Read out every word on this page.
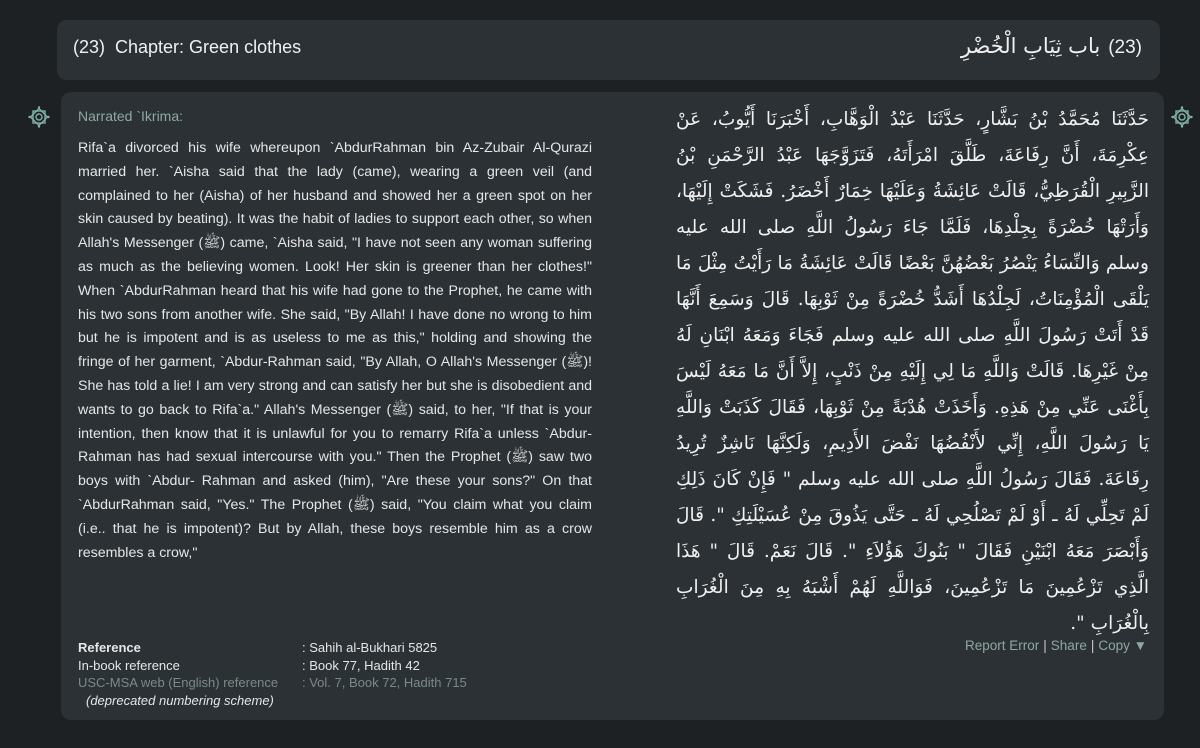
(23) Chapter: Green clothes	(23)باب ثِيَابِ الْخُضْرِ
Narrated `Ikrima:
Rifa`a divorced his wife whereupon `AbdurRahman bin Az-Zubair Al-Qurazi married her. `Aisha said that the lady (came), wearing a green veil (and complained to her (Aisha) of her husband and showed her a green spot on her skin caused by beating). It was the habit of ladies to support each other, so when Allah's Messenger (ﷺ) came, `Aisha said, "I have not seen any woman suffering as much as the believing women. Look! Her skin is greener than her clothes!" When `AbdurRahman heard that his wife had gone to the Prophet, he came with his two sons from another wife. She said, "By Allah! I have done no wrong to him but he is impotent and is as useless to me as this," holding and showing the fringe of her garment, `Abdur-Rahman said, "By Allah, O Allah's Messenger (ﷺ)! She has told a lie! I am very strong and can satisfy her but she is disobedient and wants to go back to Rifa`a." Allah's Messenger (ﷺ) said, to her, "If that is your intention, then know that it is unlawful for you to remarry Rifa`a unless `Abdur-Rahman has had sexual intercourse with you." Then the Prophet (ﷺ) saw two boys with `Abdur- Rahman and asked (him), "Are these your sons?" On that `AbdurRahman said, "Yes." The Prophet (ﷺ) said, "You claim what you claim (i.e.. that he is impotent)? But by Allah, these boys resemble him as a crow resembles a crow,"
حَدَّثَنَا مُحَمَّدُ بْنُ بَشَّارٍ، حَدَّثَنَا عَبْدُ الْوَهَّابِ، أَخْبَرَنَا أَيُّوبُ، عَنْ عِكْرِمَةَ، أَنَّ رِفَاعَةَ، طَلَّقَ امْرَأَتَهُ، فَتَزَوَّجَهَا عَبْدُ الرَّحْمَنِ بْنُ الزَّبِيرِ الْقُرَظِيُّ، قَالَتْ عَائِشَةُ وَعَلَيْهَا خِمَارٌ أَخْضَرُ. فَشَكَتْ إِلَيْهَا، وَأَرَتْهَا خُضْرَةً بِجِلْدِهَا، فَلَمَّا جَاءَ رَسُولُ اللَّهِ صلى الله عليه وسلم وَالنِّسَاءُ يَنْصُرُ بَعْضُهُنَّ بَعْضًا قَالَتْ عَائِشَةُ مَا رَأَيْتُ مِثْلَ مَا يَلْقَى الْمُؤْمِنَاتُ، لَجِلْدُهَا أَشَدُّ خُضْرَةً مِنْ ثَوْبِهَا. قَالَ وَسَمِعَ أَنَّهَا قَدْ أَتَتْ رَسُولَ اللَّهِ صلى الله عليه وسلم فَجَاءَ وَمَعَهُ ابْنَانِ لَهُ مِنْ غَيْرِهَا. قَالَتْ وَاللَّهِ مَا لِي إِلَيْهِ مِنْ ذَنْبٍ، إِلاَّ أَنَّ مَا مَعَهُ لَيْسَ بِأَغْنَى عَنِّي مِنْ هَذِهِ. وَأَخَذَتْ هُدْبَةً مِنْ ثَوْبِهَا، فَقَالَ كَذَبَتْ وَاللَّهِ يَا رَسُولَ اللَّهِ، إِنِّي لأَنْفُضُهَا نَفْضَ الأَدِيمِ، وَلَكِنَّهَا نَاشِزٌ تُرِيدُ رِفَاعَةَ. فَقَالَ رَسُولُ اللَّهِ صلى الله عليه وسلم " فَإِنْ كَانَ ذَلِكِ لَمْ تَحِلِّي لَهُ ـ أَوْ لَمْ تَصْلُحِي لَهُ ـ حَتَّى يَذُوقَ مِنْ عُسَيْلَتِكِ ". قَالَ وَأَبْصَرَ مَعَهُ ابْنَيْنِ فَقَالَ " بَنُوكَ هَؤُلاَءِ ". قَالَ نَعَمْ. قَالَ " هَذَا الَّذِي تَزْعُمِينَ مَا تَزْعُمِينَ، فَوَاللَّهِ لَهُمْ أَشْبَهُ بِهِ مِنَ الْغُرَابِ بِالْغُرَابِ ".
Reference	: Sahih al-Bukhari 5825
In-book reference	: Book 77, Hadith 42
USC-MSA web (English) reference	: Vol. 7, Book 72, Hadith 715
(deprecated numbering scheme)
Report Error | Share | Copy ▼
